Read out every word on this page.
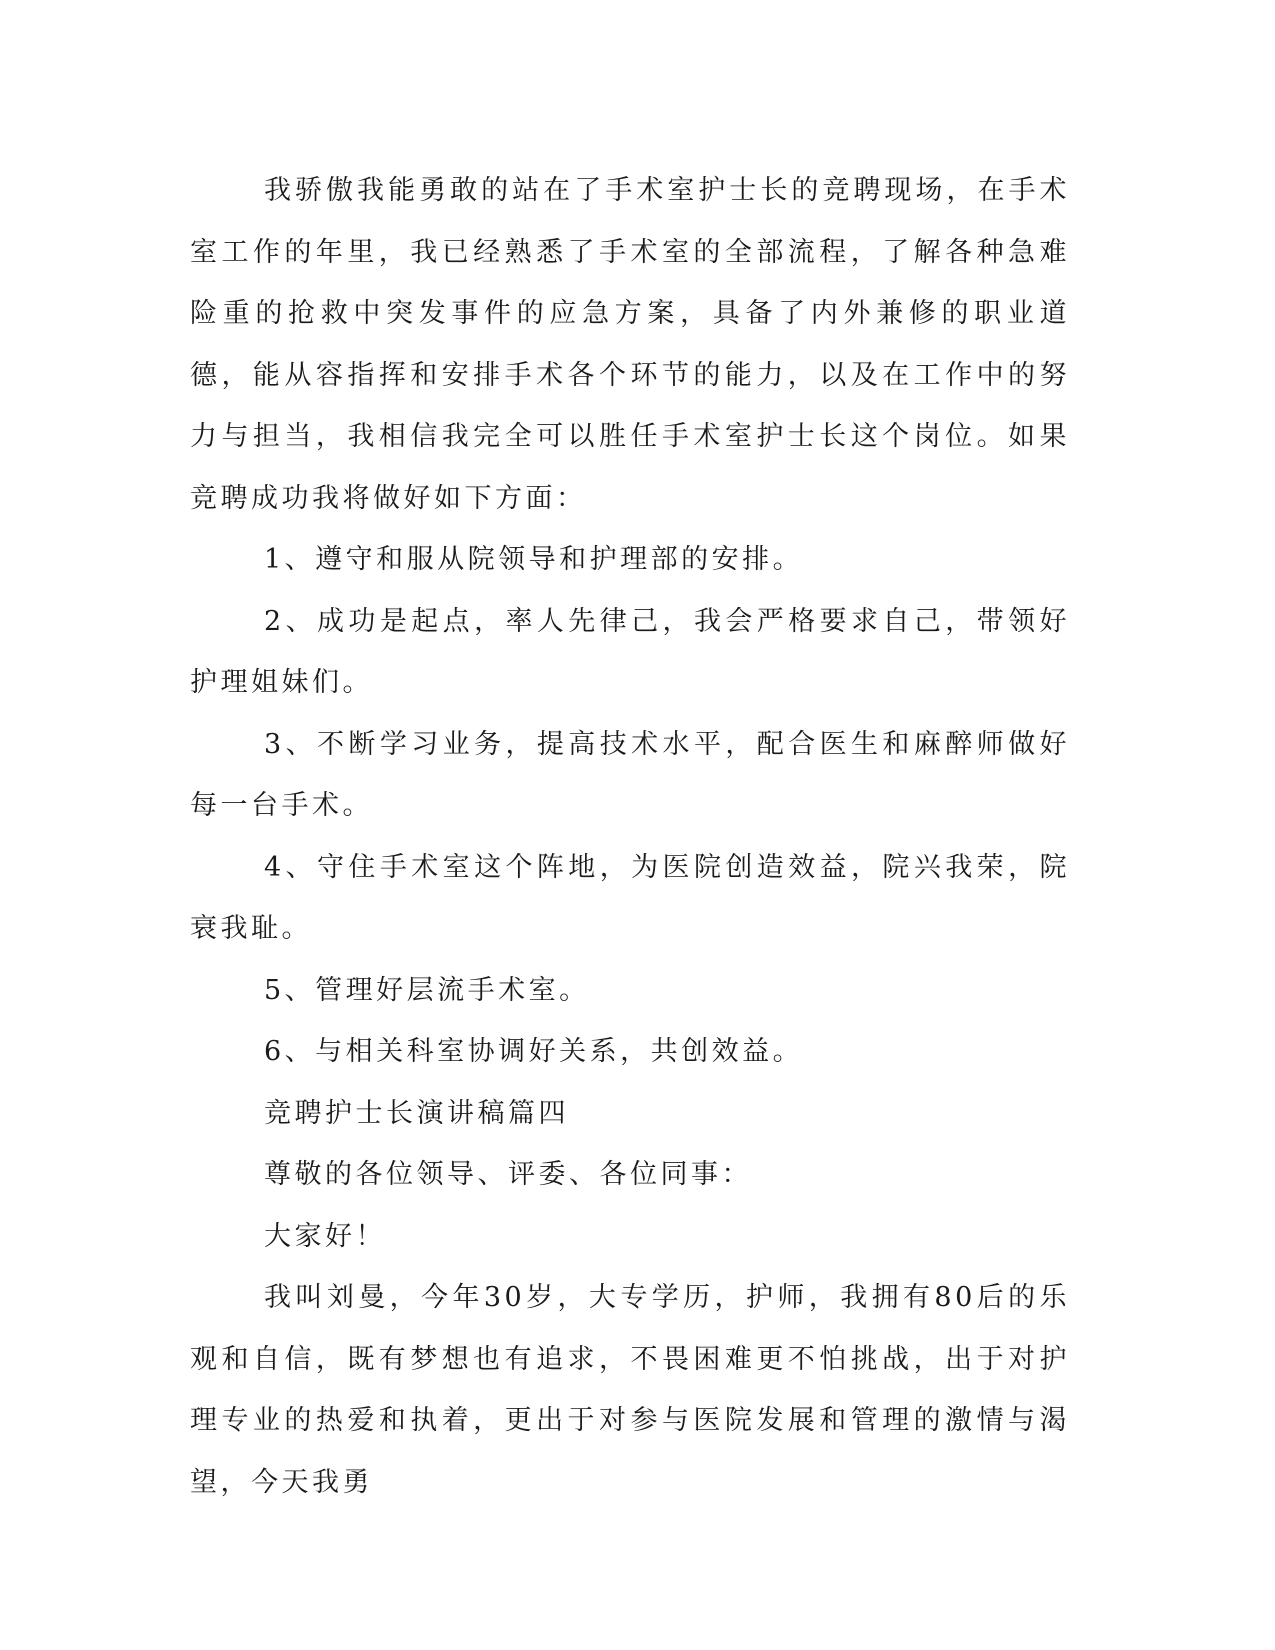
我骄傲我能勇敢的站在了手术室护士长的竞聘现场，在手术室工作的年里，我已经熟悉了手术室的全部流程，了解各种急难险重的抢救中突发事件的应急方案，具备了内外兼修的职业道德，能从容指挥和安排手术各个环节的能力，以及在工作中的努力与担当，我相信我完全可以胜任手术室护士长这个岗位。如果竞聘成功我将做好如下方面：

1、遵守和服从院领导和护理部的安排。

2、成功是起点，率人先律己，我会严格要求自己，带领好护理姐妹们。

3、不断学习业务，提高技术水平，配合医生和麻醉师做好每一台手术。

4、守住手术室这个阵地，为医院创造效益，院兴我荣，院衰我耻。

5、管理好层流手术室。

6、与相关科室协调好关系，共创效益。

竞聘护士长演讲稿篇四

尊敬的各位领导、评委、各位同事：

大家好！

我叫刘曼，今年30岁，大专学历，护师，我拥有80后的乐观和自信，既有梦想也有追求，不畏困难更不怕挑战，出于对护理专业的热爱和执着，更出于对参与医院发展和管理的激情与渴望，今天我勇
